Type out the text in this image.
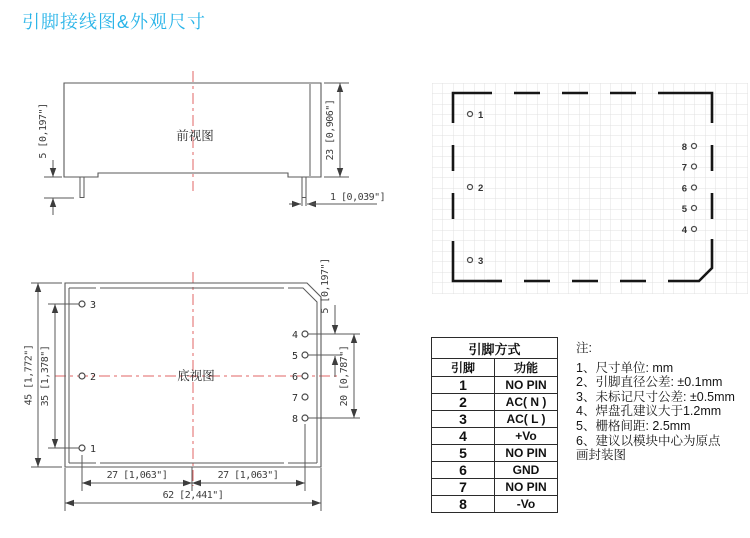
引脚接线图&外观尺寸
前视图
5 [0,197"]	23 [0,906"]
1 [0,039"]
3
2
1
4
5
6
7
8
底视图
45 [1,772"] 35 [1,378"]
27 [1,063"]	27 [1,063"]
62 [2,441"]
5 [0,197"]
20 [0,787"]
1
2
3
8
7
6
5
4
引脚方式	
引脚	功能
1	NO PIN
2	AC( N )
3	AC( L )
4	+Vo
5	NO PIN
6	GND
7	NO PIN
8	-Vo
注:
1、尺寸单位: mm
2、引脚直径公差: ±0.1mm
3、未标记尺寸公差: ±0.5mm
4、焊盘孔建议大于1.2mm
5、栅格间距: 2.5mm
6、建议以模块中心为原点
画封装图
